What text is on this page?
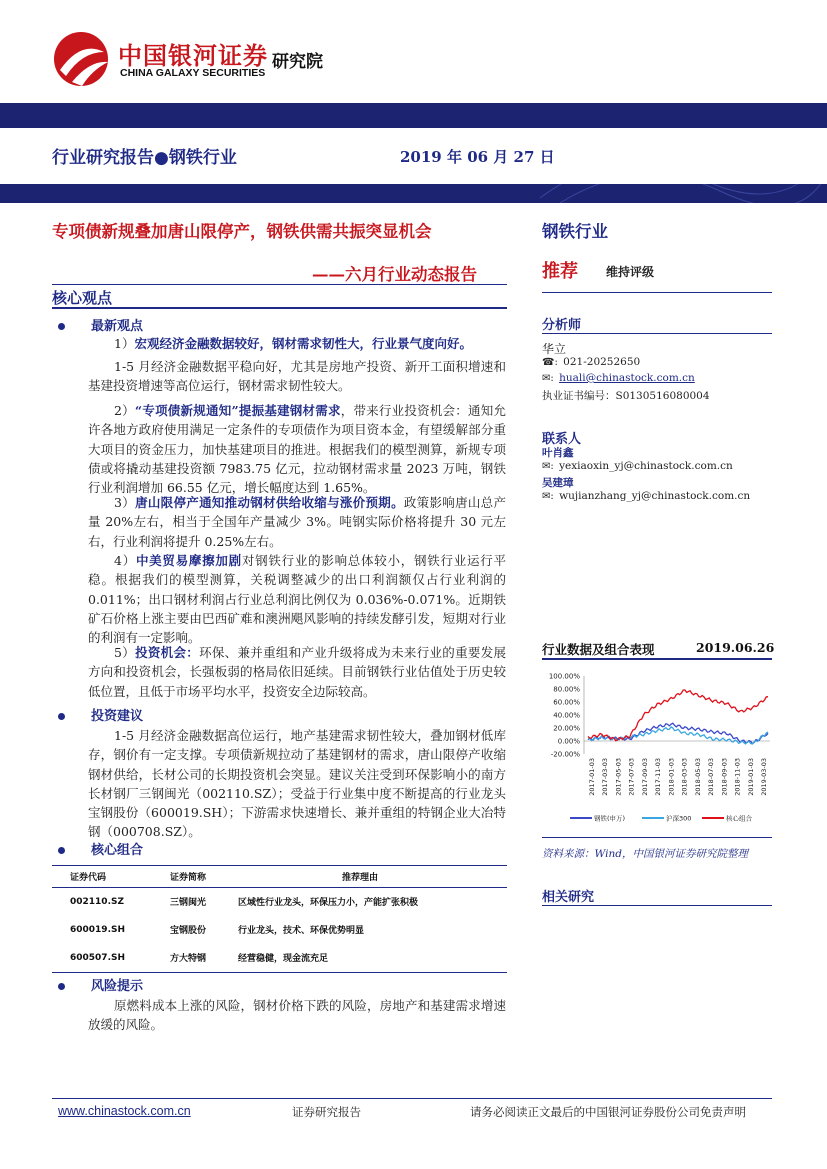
中国银河证券
CHINA GALAXY SECURITIES
研究院
行业研究报告●钢铁行业	2019 年 06 月 27 日
专项债新规叠加唐山限停产，钢铁供需共振突显机会
——六月行业动态报告
核心观点
最新观点
1）宏观经济金融数据较好，钢材需求韧性大，行业景气度向好。
1-5 月经济金融数据平稳向好，尤其是房地产投资、新开工面积增速和基建投资增速等高位运行，钢材需求韧性较大。
2）“专项债新规通知”提振基建钢材需求，带来行业投资机会：通知允许各地方政府使用满足一定条件的专项债作为项目资本金，有望缓解部分重大项目的资金压力，加快基建项目的推进。根据我们的模型测算，新规专项债或将撬动基建投资额 7983.75 亿元，拉动钢材需求量 2023 万吨，钢铁行业利润增加 66.55 亿元，增长幅度达到 1.65%。
3）唐山限停产通知推动钢材供给收缩与涨价预期。政策影响唐山总产量 20%左右，相当于全国年产量减少 3%。吨钢实际价格将提升 30 元左右，行业利润将提升 0.25%左右。
4）中美贸易摩擦加剧对钢铁行业的影响总体较小，钢铁行业运行平稳。根据我们的模型测算，关税调整减少的出口利润额仅占行业利润的 0.011%；出口钢材利润占行业总利润比例仅为 0.036%-0.071%。近期铁矿石价格上涨主要由巴西矿难和澳洲飓风影响的持续发酵引发，短期对行业的利润有一定影响。
5）投资机会：环保、兼并重组和产业升级将成为未来行业的重要发展方向和投资机会，长强板弱的格局依旧延续。目前钢铁行业估值处于历史较低位置，且低于市场平均水平，投资安全边际较高。
投资建议
1-5 月经济金融数据高位运行，地产基建需求韧性较大，叠加钢材低库存，钢价有一定支撑。专项债新规拉动了基建钢材的需求，唐山限停产收缩钢材供给，长材公司的长期投资机会突显。建议关注受到环保影响小的南方长材钢厂三钢闽光（002110.SZ）；受益于行业集中度不断提高的行业龙头宝钢股份（600019.SH）；下游需求快速增长、兼并重组的特钢企业大冶特钢（000708.SZ）。
核心组合
证券代码	证券简称	推荐理由
002110.SZ	三钢闽光	区域性行业龙头，环保压力小，产能扩张积极
600019.SH	宝钢股份	行业龙头，技术、环保优势明显
600507.SH	方大特钢	经营稳健，现金流充足
风险提示
原燃料成本上涨的风险，钢材价格下跌的风险，房地产和基建需求增速放缓的风险。
钢铁行业
推荐 维持评级
分析师
华立
☎: 021-20252650
✉: huali@chinastock.com.cn
执业证书编号：S0130516080004
联系人
叶肖鑫
✉: yexiaoxin_yj@chinastock.com.cn
吴建璋
✉: wujianzhang_yj@chinastock.com.cn
行业数据及组合表现	2019.06.26
100.00%
80.00%
60.00%
40.00%
20.00%
0.00%
-20.00%
2017-01-03 2017-03-03 2017-05-03 2017-07-03 2017-09-03 2017-11-03 2018-01-03 2018-03-03 2018-05-03 2018-07-03 2018-09-03 2018-11-03 2019-01-03 2019-03-03
钢铁(申万)	沪深300	核心组合
资料来源：Wind，中国银河证券研究院整理
相关研究
www.chinastock.com.cn	证券研究报告	请务必阅读正文最后的中国银河证券股份公司免责声明
